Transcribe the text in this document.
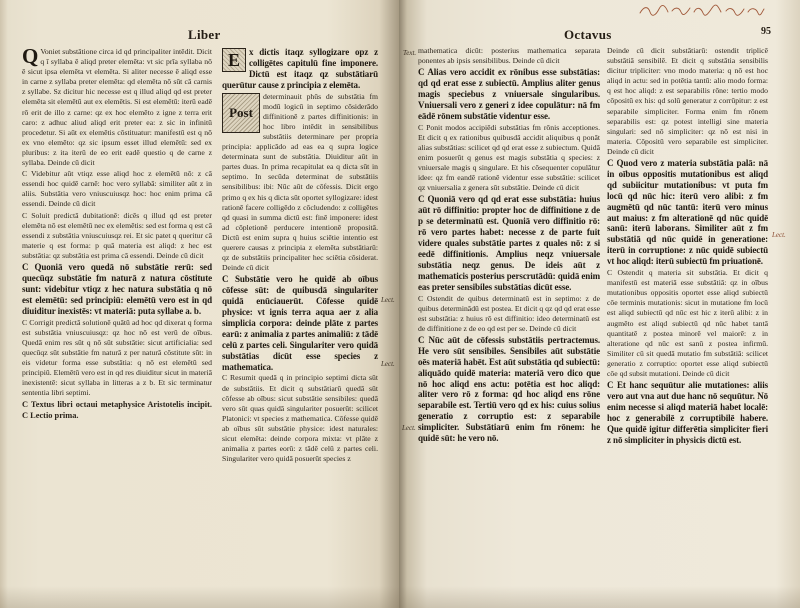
Liber

Q Voniet substātione circa id qd principaliter intēdit. Dicit q ī syllaba ē aliqd preter elemēta: vt sic prīa syllaba nō ē sicut ipsa elemēta vt elemēta. Si aliter necesse ē aliqd esse in carne z syllaba preter elemēta: qd elemēta nō sūt cā carnis z syllabe. Sz dicitur hic necesse est q illud aliqd qd est preter elemēta sit elemētū aut ex elemētis. Si est elemētū: iterū eadē rō erit de illo z carne: qz ex hoc elemēto z igne z terra erit caro: z adhuc aliud aliqd erit preter ea: z sic in infinitū procedetur. Si aūt ex elemētis cōstituatur: manifestū est q nō ex vno elemēto: qz sic ipsum esset illud elemētū: sed ex pluribus: z ita iterū de eo erit eadē questio q de carne z syllaba. Deinde cū dicit

C Videbitur aūt vtiqz esse aliqd hoc z elemētū nō: z cā essendi hoc quidē carnē: hoc vero syllabā: similiter aūt z in aliis. Substātia vero vniuscuiusqz hoc: hoc enim prima cā essendi. Deinde cū dicit

C Soluit predictā dubitationē: dicēs q illud qd est preter elemēta nō est elemētū nec ex elemētis: sed est forma q est cā essendi z substātia vniuscuiusqz rei. Et sic patet q queritur cā materie q est forma: p quā materia est aliqd: z hec est substātia: qz substātia est prima cā essendi. Deinde cū dicit

C Quoniā vero quedā nō substātie rerū: sed quecūqz substātie fm naturā z natura cōstitute sunt: videbitur vtiqz z hec natura substātia q nō est elemētū: sed principiū: elemētū vero est in qd diuiditur inexistēs: vt materiā: puta syllabe a. b.

C Corrigit predictā solutionē quātū ad hoc qd dixerat q forma est substātia vniuscuiusqz: qz hoc nō est verū de oībus. Quedā enim res sūt q nō sūt substātie: sicut artificialia: sed quecūqz sūt substātie fm naturā z per naturā cōstitute sūt: in eis videtur forma esse substātia: q nō est elemētū sed principiū. Elemētū vero est in qd res diuiditur sicut in materiā inexistentē: sicut syllaba in litteras a z b. Et sic terminatur sententia libri septimi.

C Textus libri octaui metaphysice Aristotelis incipit. C Lectio prima.

E	x dictis itaqz syllogizare opz z colligētes capitulū fine imponere. Dictū est itaqz qz substātiarū querūtur cause z principia z elemēta.

Post
determinauit phūs de substātia fm modū logicū in septimo cōsiderādo diffinitionē z partes diffinitionis: in hoc libro intēdit in sensibilibus substātiis determinare per propria principia: applicādo ad eas ea q supra logice determinata sunt de substātia. Diuiditur aūt in partes duas. In prima recapitulat ea q dicta sūt in septimo. In secūda determinat de substātiis sensibilibus: ibi: Nūc aūt de cōfessis. Dicit ergo primo q ex his q dicta sūt oportet syllogizare: idest rationē facere colligēdo z cōcludendo: z colligētes qd quasi in summa dictū est: finē imponere: idest ad cōpletionē perducere intentionē propositā. Dictū est enim supra q huius sciētie intentio est querere causas z principia z elemēta substātiarū: qz de substātiis principaliter hec sciētia cōsiderat. Deinde cū dicit

C Substātie vero he quidē ab oībus cōfesse sūt: de quibusdā singulariter quidā enūciauerūt. Cōfesse quidē physice: vt ignis terra aqua aer z alia simplicia corpora: deinde plāte z partes earū: z animalia z partes animaliū: z tādē celū z partes celi. Singulariter vero quidā substātias dicūt esse species z mathematica.

C Resumit quedā q in principio septimi dicta sūt de substātiis. Et dicit q substātiarū quedā sūt cōfesse ab oībus: sicut substātie sensibiles: quedā vero sūt quas quidā singulariter posuerūt: scilicet Platonici: vt species z mathematica. Cōfesse quidē ab oībus sūt substātie physice: idest naturales: sicut elemēta: deinde corpora mixta: vt plāte z animalia z partes eorū: z tādē celū z partes celi. Singulariter vero quidā posuerūt species z

Lect.
Lect.
Octavus	95

mathematica dicūt: posterius mathematica separata ponentes ab ipsis sensibilibus. Deinde cū dicit

C Alias vero accidit ex rōnibus esse substātias: qd qd erat esse z subiectū. Amplius aliter genus magis speciebus z vniuersale singularibus. Vniuersali vero z generi z idee copulātur: nā fm eādē rōnem substātie videntur esse.

C Ponit modos accipiēdi substātias fm rōnis acceptiones. Et dicit q ex rationibus quibusdā accidit aliquibus q ponāt alias substātias: scilicet qd qd erat esse z subiectum. Quidā enim posuerūt q genus est magis substātia q species: z vniuersale magis q singulare. Et his cōsequenter copulātur idee: qz fm eandē rationē videntur esse substātie: scilicet qz vniuersalia z genera sūt substātie. Deinde cū dicit

C Quoniā vero qd qd erat esse substātia: huius aūt rō diffinitio: propter hoc de diffinitione z de p se determinatū est. Quoniā vero diffinitio rō: rō vero partes habet: necesse z de parte fuit videre quales substātie partes z quales nō: z si eedē diffinitionis. Amplius neqz vniuersale substātia neqz genus. De ideis aūt z mathematicis posterius perscrutādū: quidā enim eas preter sensibiles substātias dicūt esse.

C Ostendit de quibus determinatū est in septimo: z de quibus determinādū est postea. Et dicit q qz qd qd erat esse est substātia: z huius rō est diffinitio: ideo determinatū est de diffinitione z de eo qd est per se. Deinde cū dicit

C Nūc aūt de cōfessis substātiis pertractemus. He vero sūt sensibiles. Sensibiles aūt substātie oēs materiā habēt. Est aūt substātia qd subiectū: aliquādo quidē materia: materiā vero dico que nō hoc aliqd ens actu: potētia est hoc aliqd: aliter vero rō z forma: qd hoc aliqd ens rōne separabile est. Tertiū vero qd ex his: cuius solius generatio z corruptio est: z separabile simpliciter. Substātiarū enim fm rōnem: he quidē sūt: he vero nō.

Deinde cū dicit substātiarū: ostendit triplicē substātiā sensibilē. Et dicit q substātia sensibilis dicitur tripliciter: vno modo materia: q nō est hoc aliqd in actu: sed in potētia tantū: alio modo forma: q est hoc aliqd: z est separabilis rōne: tertio modo cōpositū ex his: qd solū generatur z corrūpitur: z est separabile simpliciter. Forma enim fm rōnem separabilis est: qz potest intelligi sine materia singulari: sed nō simpliciter: qz nō est nisi in materia. Cōpositū vero separabile est simpliciter. Deinde cū dicit

C Quod vero z materia substātia palā: nā in oībus oppositis mutationibus est aliqd qd subiicitur mutationibus: vt puta fm locū qd nūc hic: iterū vero alibi: z fm augmētū qd nūc tantū: iterū vero minus aut maius: z fm alterationē qd nūc quidē sanū: iterū laborans. Similiter aūt z fm substātiā qd nūc quidē in generatione: iterū in corruptione: z nūc quidē subiectū vt hoc aliqd: iterū subiectū fm priuationē.

C Ostendit q materia sit substātia. Et dicit q manifestū est materiā esse substātiā: qz in oībus mutationibus oppositis oportet esse aliqd subiectū cōe terminis mutationis: sicut in mutatione fm locū est aliqd subiectū qd nūc est hic z iterū alibi: z in augmēto est aliqd subiectū qd nūc habet tantā quantitatē z postea minorē vel maiorē: z in alteratione qd nūc est sanū z postea infirmū. Similiter cū sit quedā mutatio fm substātiā: scilicet generatio z corruptio: oportet esse aliqd subiectū cōe qd subsit mutationi. Deinde cū dicit

C Et hanc sequūtur alie mutationes: aliis vero aut vna aut due hanc nō sequūtur. Nō enim necesse si aliqd materiā habet localē: hoc z generabilē z corruptibilē habere. Que quidē igitur differētia simpliciter fieri z nō simpliciter in physicis dictū est.

Text.
Lect.
Lect.
